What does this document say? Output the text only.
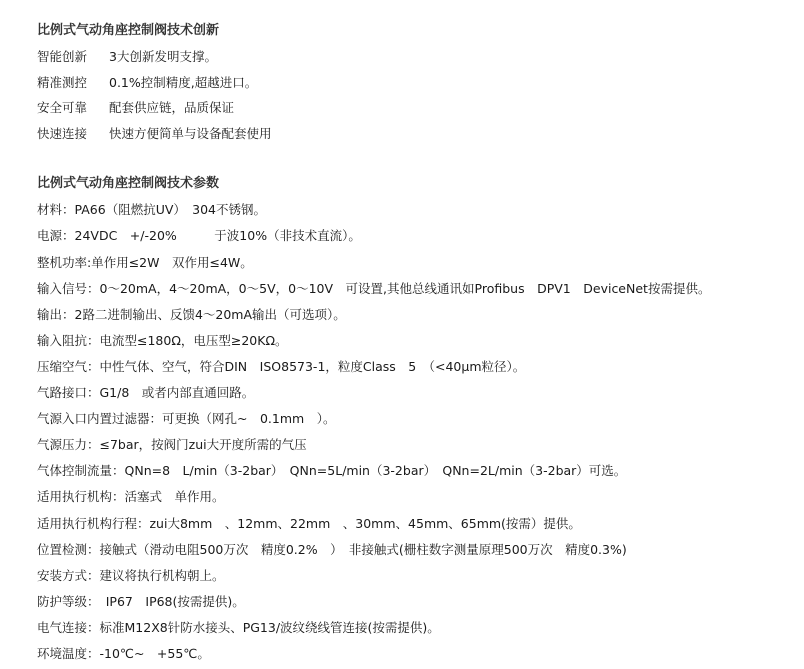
比例式气动角座控制阀技术创新
智能创新	3大创新发明支撑。
精准测控	0.1%控制精度,超越进口。
安全可靠	配套供应链，品质保证
快速连接	快速方便简单与设备配套使用
比例式气动角座控制阀技术参数
材料：PA66（阻燃抗UV）　304不锈钢。
电源：24VDC　+/-20%　　　于波10%（非技术直流）。
整机功率:单作用≤2W　双作用≤4W。
输入信号：0～20mA，4～20mA，0～5V，0～10V　可设置,其他总线通讯如Profibus　DPV1　DeviceNet按需提供。
输出：2路二进制输出、反馈4～20mA输出（可选项）。
输入阻抗：电流型≤180Ω，电压型≥20KΩ。
压缩空气：中性气体、空气，符合DIN　ISO8573-1，粒度Class　5　（<40μm粒径）。
气路接口：G1/8　或者内部直通回路。
气源入口内置过滤器：可更换（网孔~　0.1mm　）。
气源压力：≤7bar，按阀门zui大开度所需的气压
气体控制流量：QNn=8　L/min（3-2bar）　QNn=5L/min（3-2bar）　QNn=2L/min（3-2bar）可选。
适用执行机构：活塞式　单作用。
适用执行机构行程：zui大8mm　、12mm、22mm　、30mm、45mm、65mm(按需）提供。
位置检测：接触式（滑动电阻500万次　精度0.2%　）　非接触式(栅柱数字测量原理500万次　精度0.3%)
安装方式：建议将执行机构朝上。
防护等级：　IP67　IP68(按需提供)。
电气连接：标准M12X8针防水接头、PG13/波纹绕线管连接(按需提供)。
环境温度：-10℃~　+55℃。
